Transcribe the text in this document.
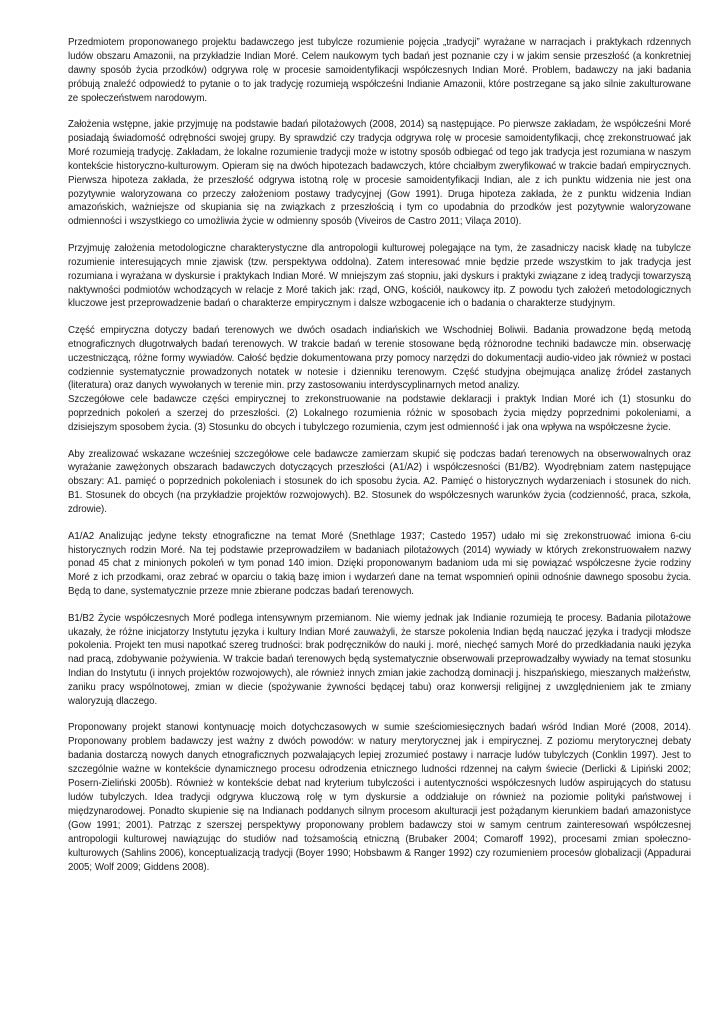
Przedmiotem proponowanego projektu badawczego jest tubylcze rozumienie pojęcia „tradycji” wyrażane w narracjach i praktykach rdzennych ludów obszaru Amazonii, na przykładzie Indian Moré. Celem naukowym tych badań jest poznanie czy i w jakim sensie przeszłość (a konkretniej dawny sposób życia przodków) odgrywa rolę w procesie samoidentyfikacji współczesnych Indian Moré. Problem, badawczy na jaki badania próbują znaleźć odpowiedź to pytanie o to jak tradycję rozumieją współcześni Indianie Amazonii, które postrzegane są jako silnie zakulturowane ze społeczeństwem narodowym.

Założenia wstępne, jakie przyjmuję na podstawie badań pilotażowych (2008, 2014) są następujące. Po pierwsze zakładam, że współcześni Moré posiadają świadomość odrębności swojej grupy. By sprawdzić czy tradycja odgrywa rolę w procesie samoidentyfikacji, chcę zrekonstruować jak Moré rozumieją tradycję. Zakładam, że lokalne rozumienie tradycji może w istotny sposób odbiegać od tego jak tradycja jest rozumiana w naszym kontekście historyczno-kulturowym. Opieram się na dwóch hipotezach badawczych, które chciałbym zweryfikować w trakcie badań empirycznych. Pierwsza hipoteza zakłada, że przeszłość odgrywa istotną rolę w procesie samoidentyfikacji Indian, ale z ich punktu widzenia nie jest ona pozytywnie waloryzowana co przeczy założeniom postawy tradycyjnej (Gow 1991). Druga hipoteza zakłada, że z punktu widzenia Indian amazońskich, ważniejsze od skupiania się na związkach z przeszłością i tym co upodabnia do przodków jest pozytywnie waloryzowane odmienności i wszystkiego co umożliwia życie w odmienny sposób (Viveiros de Castro 2011; Vilaça 2010).

Przyjmuję założenia metodologiczne charakterystyczne dla antropologii kulturowej polegające na tym, że zasadniczy nacisk kładę na tubylcze rozumienie interesujących mnie zjawisk (tzw. perspektywa oddolna). Zatem interesować mnie będzie przede wszystkim to jak tradycja jest rozumiana i wyrażana w dyskursie i praktykach Indian Moré. W mniejszym zaś stopniu, jaki dyskurs i praktyki związane z ideą tradycji towarzyszą naktywności podmiotów wchodzących w relacje z Moré takich jak: rząd, ONG, kościół, naukowcy itp. Z powodu tych założeń metodologicznych kluczowe jest przeprowadzenie badań o charakterze empirycznym i dalsze wzbogacenie ich o badania o charakterze studyjnym.

Część empiryczna dotyczy badań terenowych we dwóch osadach indiańskich we Wschodniej Boliwii. Badania prowadzone będą metodą etnograficznych długotrwałych badań terenowych. W trakcie badań w terenie stosowane będą różnorodne techniki badawcze min. obserwację uczestniczącą, różne formy wywiadów. Całość będzie dokumentowana przy pomocy narzędzi do dokumentacji audio-video jak również w postaci codziennie systematycznie prowadzonych notatek w notesie i dzienniku terenowym. Część studyjna obejmująca analizę źródeł zastanych (literatura) oraz danych wywołanych w terenie min. przy zastosowaniu interdyscyplinarnych metod analizy.

Szczegółowe cele badawcze części empirycznej to zrekonstruowanie na podstawie deklaracji i praktyk Indian Moré ich (1) stosunku do poprzednich pokoleń a szerzej do przeszłości. (2) Lokalnego rozumienia różnic w sposobach życia między poprzednimi pokoleniami, a dzisiejszym sposobem życia. (3) Stosunku do obcych i tubylczego rozumienia, czym jest odmienność i jak ona wpływa na współczesne życie.

Aby zrealizować wskazane wcześniej szczegółowe cele badawcze zamierzam skupić się podczas badań terenowych na obserwowalnych oraz wyrażanie zawężonych obszarach badawczych dotyczących przeszłości (A1/A2) i współczesności (B1/B2). Wyodrębniam zatem następujące obszary: A1. pamięć o poprzednich pokoleniach i stosunek do ich sposobu życia. A2. Pamięć o historycznych wydarzeniach i stosunek do nich. B1. Stosunek do obcych (na przykładzie projektów rozwojowych). B2. Stosunek do współczesnych warunków życia (codzienność, praca, szkoła, zdrowie).

A1/A2 Analizując jedyne teksty etnograficzne na temat Moré (Snethlage 1937; Castedo 1957) udało mi się zrekonstruować imiona 6-ciu historycznych rodzin Moré. Na tej podstawie przeprowadziłem w badaniach pilotażowych (2014) wywiady w których zrekonstruowałem nazwy ponad 45 chat z minionych pokoleń w tym ponad 140 imion. Dzięki proponowanym badaniom uda mi się powiązać współczesne życie rodziny Moré z ich przodkami, oraz zebrać w oparciu o takią bazę imion i wydarzeń dane na temat wspomnień opinii odnośnie dawnego sposobu życia. Będą to dane, systematycznie przeze mnie zbierane podczas badań terenowych.

B1/B2 Życie współczesnych Moré podlega intensywnym przemianom. Nie wiemy jednak jak Indianie rozumieją te procesy. Badania pilotażowe ukazały, że różne inicjatorzy Instytutu języka i kultury Indian Moré zauważyli, że starsze pokolenia Indian będą nauczać języka i tradycji młodsze pokolenia. Projekt ten musi napotkać szereg trudności: brak podręczników do nauki j. moré, niechęć samych Moré do przedkładania nauki języka nad pracą, zdobywanie pożywienia. W trakcie badań terenowych będą systematycznie obserwowali przeprowadzałby wywiady na temat stosunku Indian do Instytutu (i innych projektów rozwojowych), ale również innych zmian jakie zachodzą dominacji j. hiszpańskiego, mieszanych małżeństw, zaniku pracy wspólnotowej, zmian w diecie (spożywanie żywności będącej tabu) oraz konwersji religijnej z uwzględnieniem jak te zmiany waloryzują dlaczego.

Proponowany projekt stanowi kontynuację moich dotychczasowych w sumie sześciomiesięcznych badań wśród Indian Moré (2008, 2014). Proponowany problem badawczy jest ważny z dwóch powodów: w natury merytorycznej jak i empirycznej. Z poziomu merytorycznej debaty badania dostarczą nowych danych etnograficznych pozwalających lepiej zrozumieć postawy i narracje ludów tubylczych (Conklin 1997). Jest to szczególnie ważne w kontekście dynamicznego procesu odrodzenia etnicznego ludności rdzennej na całym świecie (Derlicki & Lipiński 2002; Posern-Zieliński 2005b). Również w kontekście debat nad kryterium tubylczości i autentyczności współczesnych ludów aspirujących do statusu ludów tubylczych. Idea tradycji odgrywa kluczową rolę w tym dyskursie a oddziałuje on również na poziomie polityki państwowej i międzynarodowej. Ponadto skupienie się na Indianach poddanych silnym procesom akulturacji jest pożądanym kierunkiem badań amazonistyce (Gow 1991; 2001). Patrząc z szerszej perspektywy proponowany problem badawczy stoi w samym centrum zainteresowań współczesnej antropologii kulturowej nawiązując do studiów nad tożsamością etniczną (Brubaker 2004; Comaroff 1992), procesami zmian społeczno-kulturowych (Sahlins 2006), konceptualizacją tradycji (Boyer 1990; Hobsbawm & Ranger 1992) czy rozumieniem procesów globalizacji (Appadurai 2005; Wolf 2009; Giddens 2008).
